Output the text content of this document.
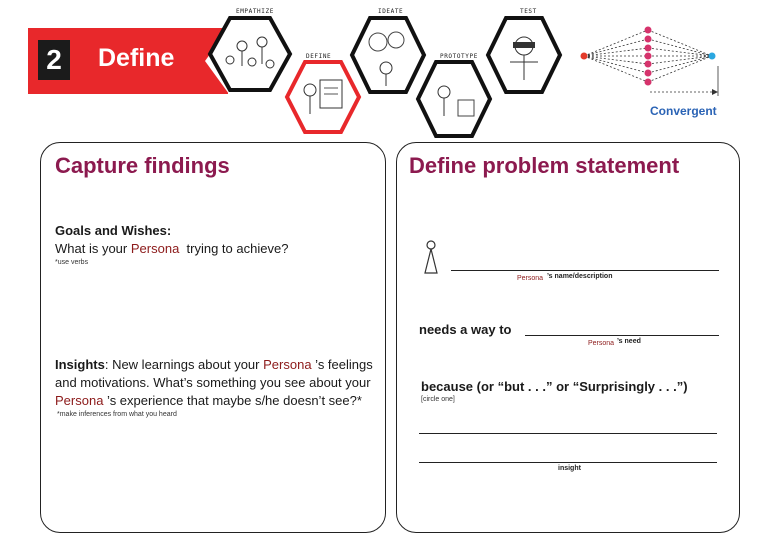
2	Define
EMPATHIZE
DEFINE
IDEATE
PROTOTYPE
TEST
Convergent
Capture findings
Goals and Wishes:
What is your Persona trying to achieve?
*use verbs
Insights: New learnings about your Persona ’s feelings and motivations. What’s something you see about your Persona ’s experience that maybe s/he doesn’t see?*
*make inferences from what you heard
Define problem statement
Persona ’s name/description
needs a way to
Persona ’s need
because (or “but . . .” or “Surprisingly . . .”)
[circle one]
insight
